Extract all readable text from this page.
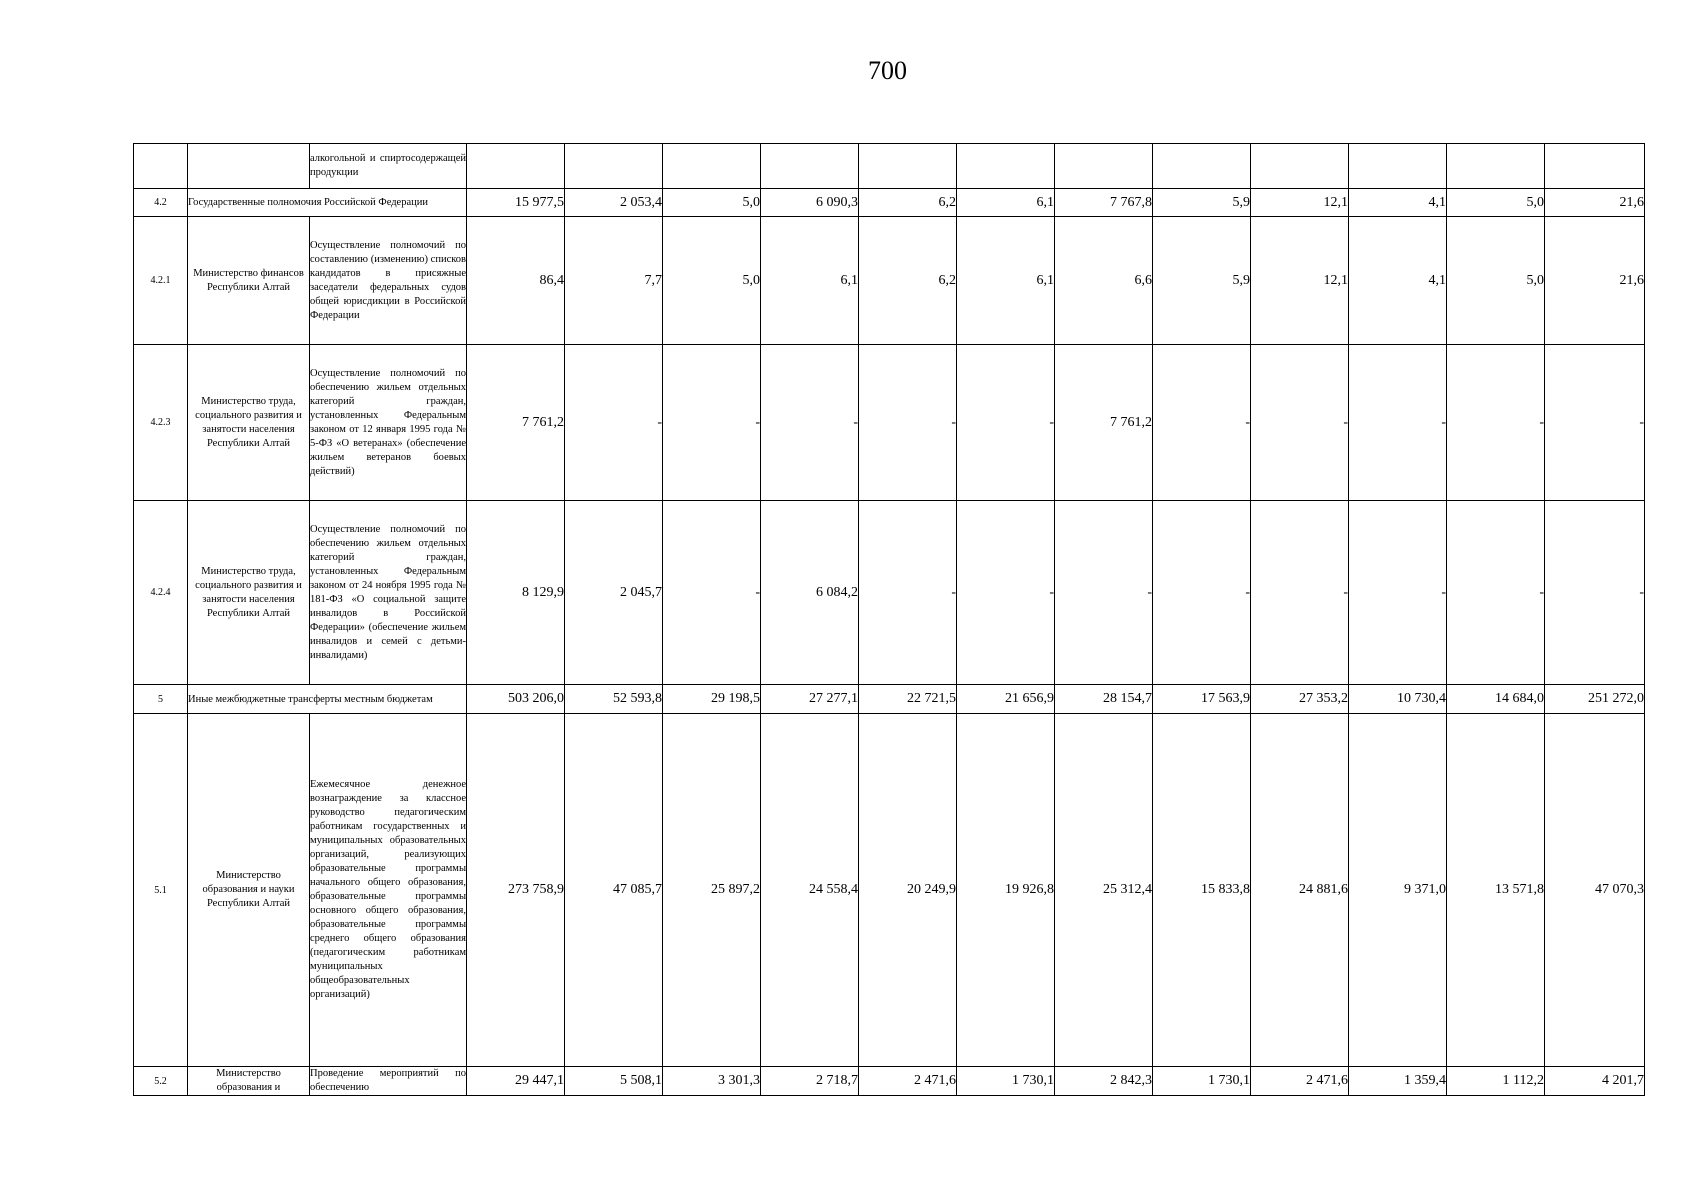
700
		алкогольной и спиртосодержащей продукции												
4.2	Государственные полномочия Российской Федерации		15 977,5	2 053,4	5,0	6 090,3	6,2	6,1	7 767,8	5,9	12,1	4,1	5,0	21,6
4.2.1	Министерство финансов Республики Алтай	Осуществление полномочий по составлению (изменению) списков кандидатов в присяжные заседатели федеральных судов общей юрисдикции в Российской Федерации	86,4	7,7	5,0	6,1	6,2	6,1	6,6	5,9	12,1	4,1	5,0	21,6
4.2.3	Министерство труда, социального развития и занятости населения Республики Алтай	Осуществление полномочий по обеспечению жильем отдельных категорий граждан, установленных Федеральным законом от 12 января 1995 года № 5-ФЗ «О ветеранах» (обеспечение жильем ветеранов боевых действий)	7 761,2	-	-	-	-	-	7 761,2	-	-	-	-	-
4.2.4	Министерство труда, социального развития и занятости населения Республики Алтай	Осуществление полномочий по обеспечению жильем отдельных категорий граждан, установленных Федеральным законом от 24 ноября 1995 года № 181-ФЗ «О социальной защите инвалидов в Российской Федерации» (обеспечение жильем инвалидов и семей с детьми-инвалидами)	8 129,9	2 045,7	-	6 084,2	-	-	-	-	-	-	-	-
5	Иные межбюджетные трансферты местным бюджетам		503 206,0	52 593,8	29 198,5	27 277,1	22 721,5	21 656,9	28 154,7	17 563,9	27 353,2	10 730,4	14 684,0	251 272,0
5.1	Министерство образования и науки Республики Алтай	Ежемесячное денежное вознаграждение за классное руководство педагогическим работникам государственных и муниципальных образовательных организаций, реализующих образовательные программы начального общего образования, образовательные программы основного общего образования, образовательные программы среднего общего образования (педагогическим работникам муниципальных общеобразовательных организаций)	273 758,9	47 085,7	25 897,2	24 558,4	20 249,9	19 926,8	25 312,4	15 833,8	24 881,6	9 371,0	13 571,8	47 070,3
5.2	Министерство образования и	Проведение мероприятий по обеспечению	29 447,1	5 508,1	3 301,3	2 718,7	2 471,6	1 730,1	2 842,3	1 730,1	2 471,6	1 359,4	1 112,2	4 201,7
